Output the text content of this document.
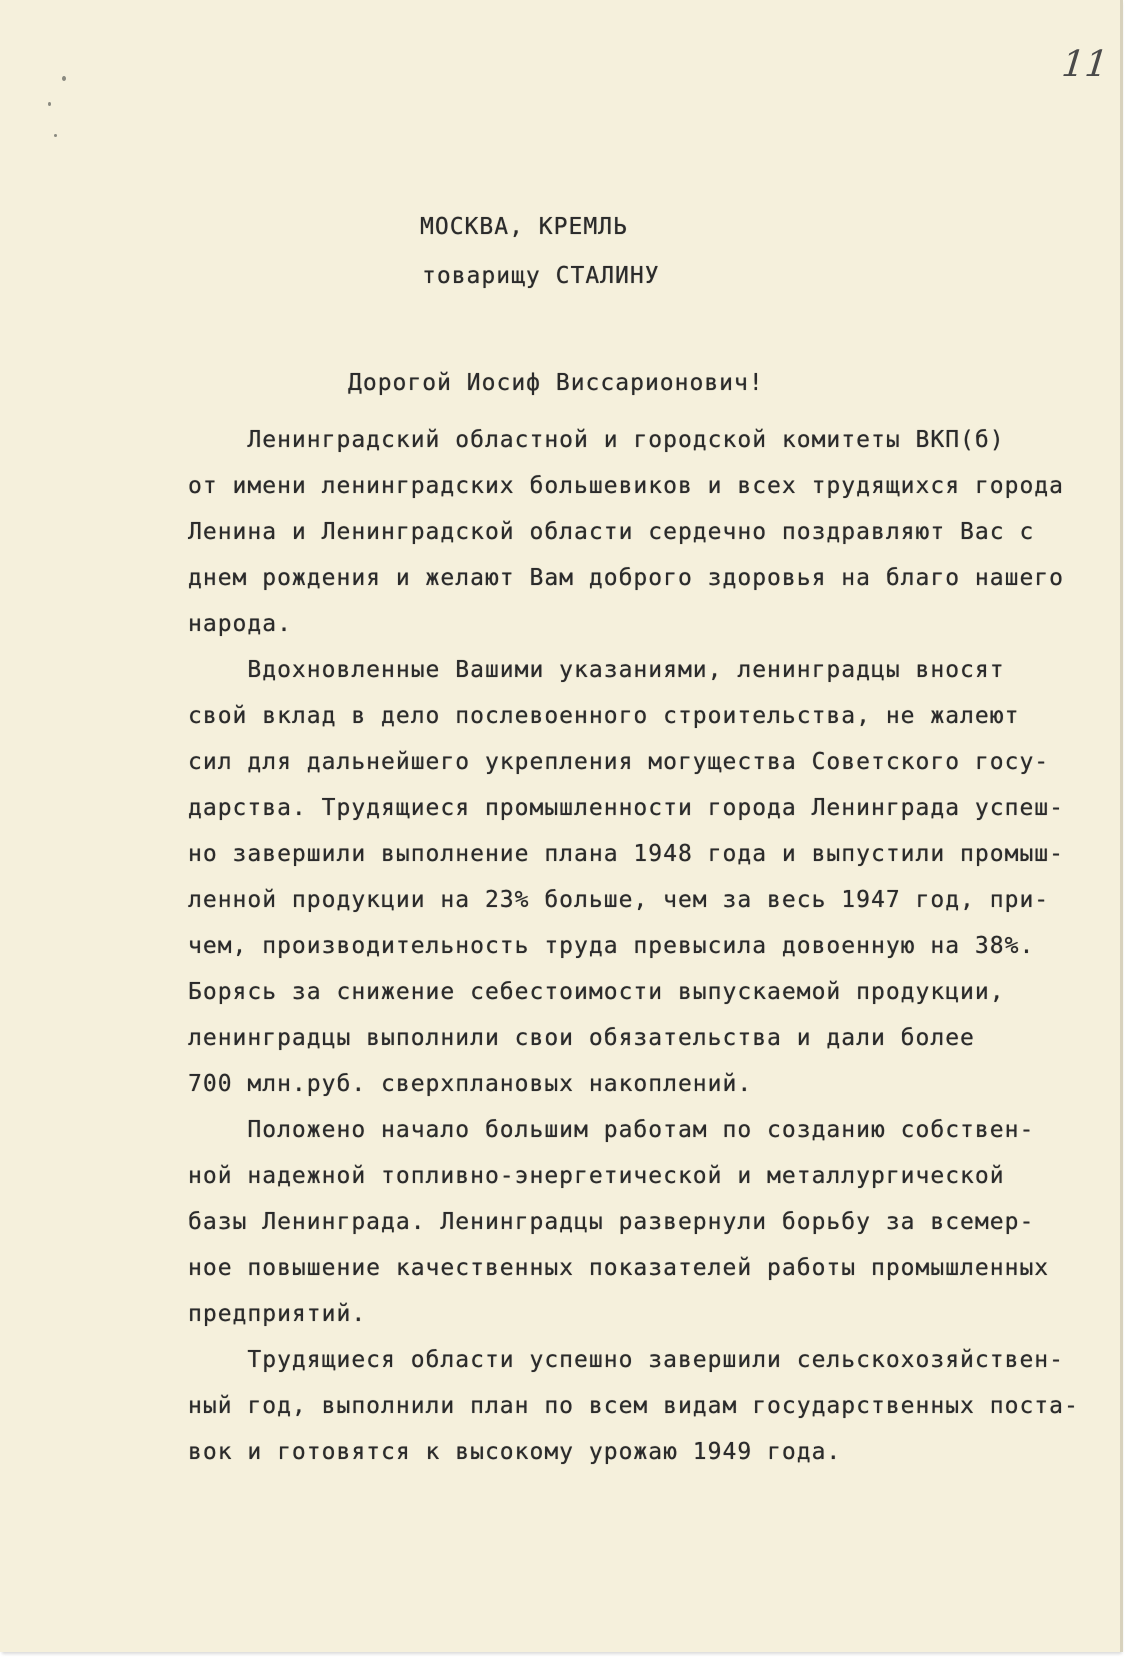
11
МОСКВА, КРЕМЛЬ
товарищу СТАЛИНУ
Дорогой Иосиф Виссарионович!
Ленинградский областной и городской комитеты ВКП(б)
от имени ленинградских большевиков и всех трудящихся города
Ленина и Ленинградской области сердечно поздравляют Вас с
днем рождения и желают Вам доброго здоровья на благо нашего
народа.
Вдохновленные Вашими указаниями, ленинградцы вносят
свой вклад в дело послевоенного строительства, не жалеют
сил для дальнейшего укрепления могущества Советского госу-
дарства. Трудящиеся промышленности города Ленинграда успеш-
но завершили выполнение плана 1948 года и выпустили промыш-
ленной продукции на 23% больше, чем за весь 1947 год, при-
чем, производительность труда превысила довоенную на 38%.
Борясь за снижение себестоимости выпускаемой продукции,
ленинградцы выполнили свои обязательства и дали более
700 млн.руб. сверхплановых накоплений.
Положено начало большим работам по созданию собствен-
ной надежной топливно-энергетической и металлургической
базы Ленинграда. Ленинградцы развернули борьбу за всемер-
ное повышение качественных показателей работы промышленных
предприятий.
Трудящиеся области успешно завершили сельскохозяйствен-
ный год, выполнили план по всем видам государственных поста-
вок и готовятся к высокому урожаю 1949 года.
